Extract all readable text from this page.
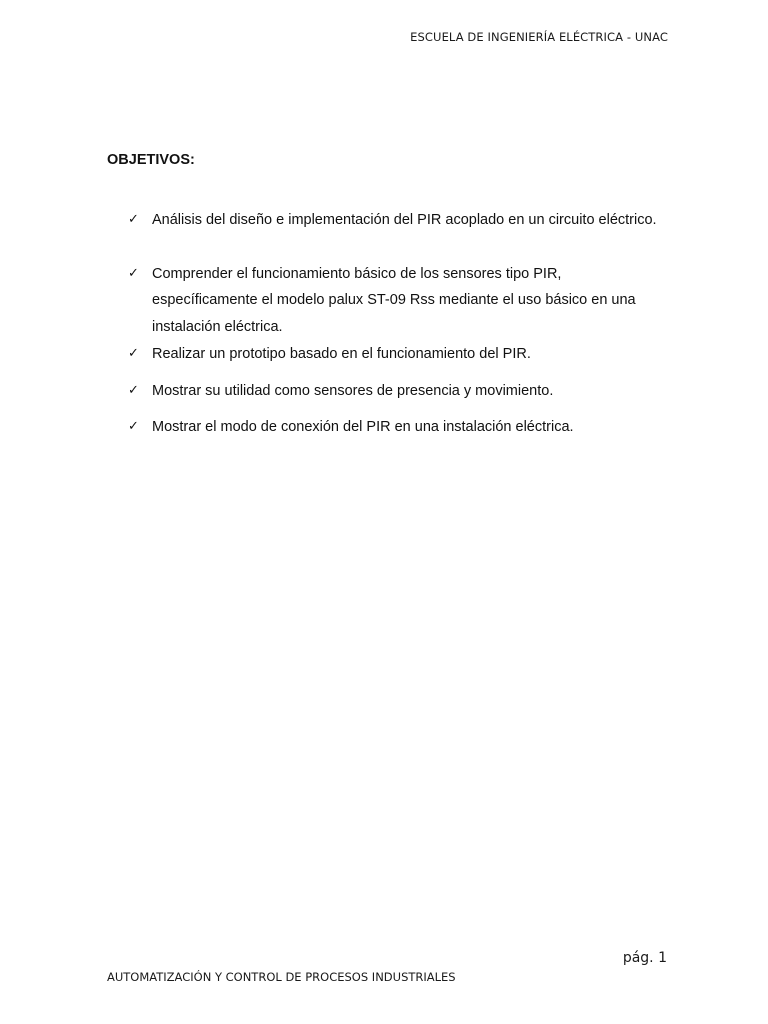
ESCUELA DE INGENIERÍA ELÉCTRICA - UNAC
OBJETIVOS:
✓ Análisis del diseño e implementación del PIR acoplado en un circuito eléctrico.
✓ Comprender el funcionamiento básico de los sensores tipo PIR, específicamente el modelo palux ST-09 Rss mediante el uso básico en una instalación eléctrica.
✓ Realizar un prototipo basado en el funcionamiento del PIR.
✓ Mostrar su utilidad como sensores de presencia y movimiento.
✓ Mostrar el modo de conexión del PIR en una instalación eléctrica.
pág. 1
AUTOMATIZACIÓN Y CONTROL DE PROCESOS INDUSTRIALES
